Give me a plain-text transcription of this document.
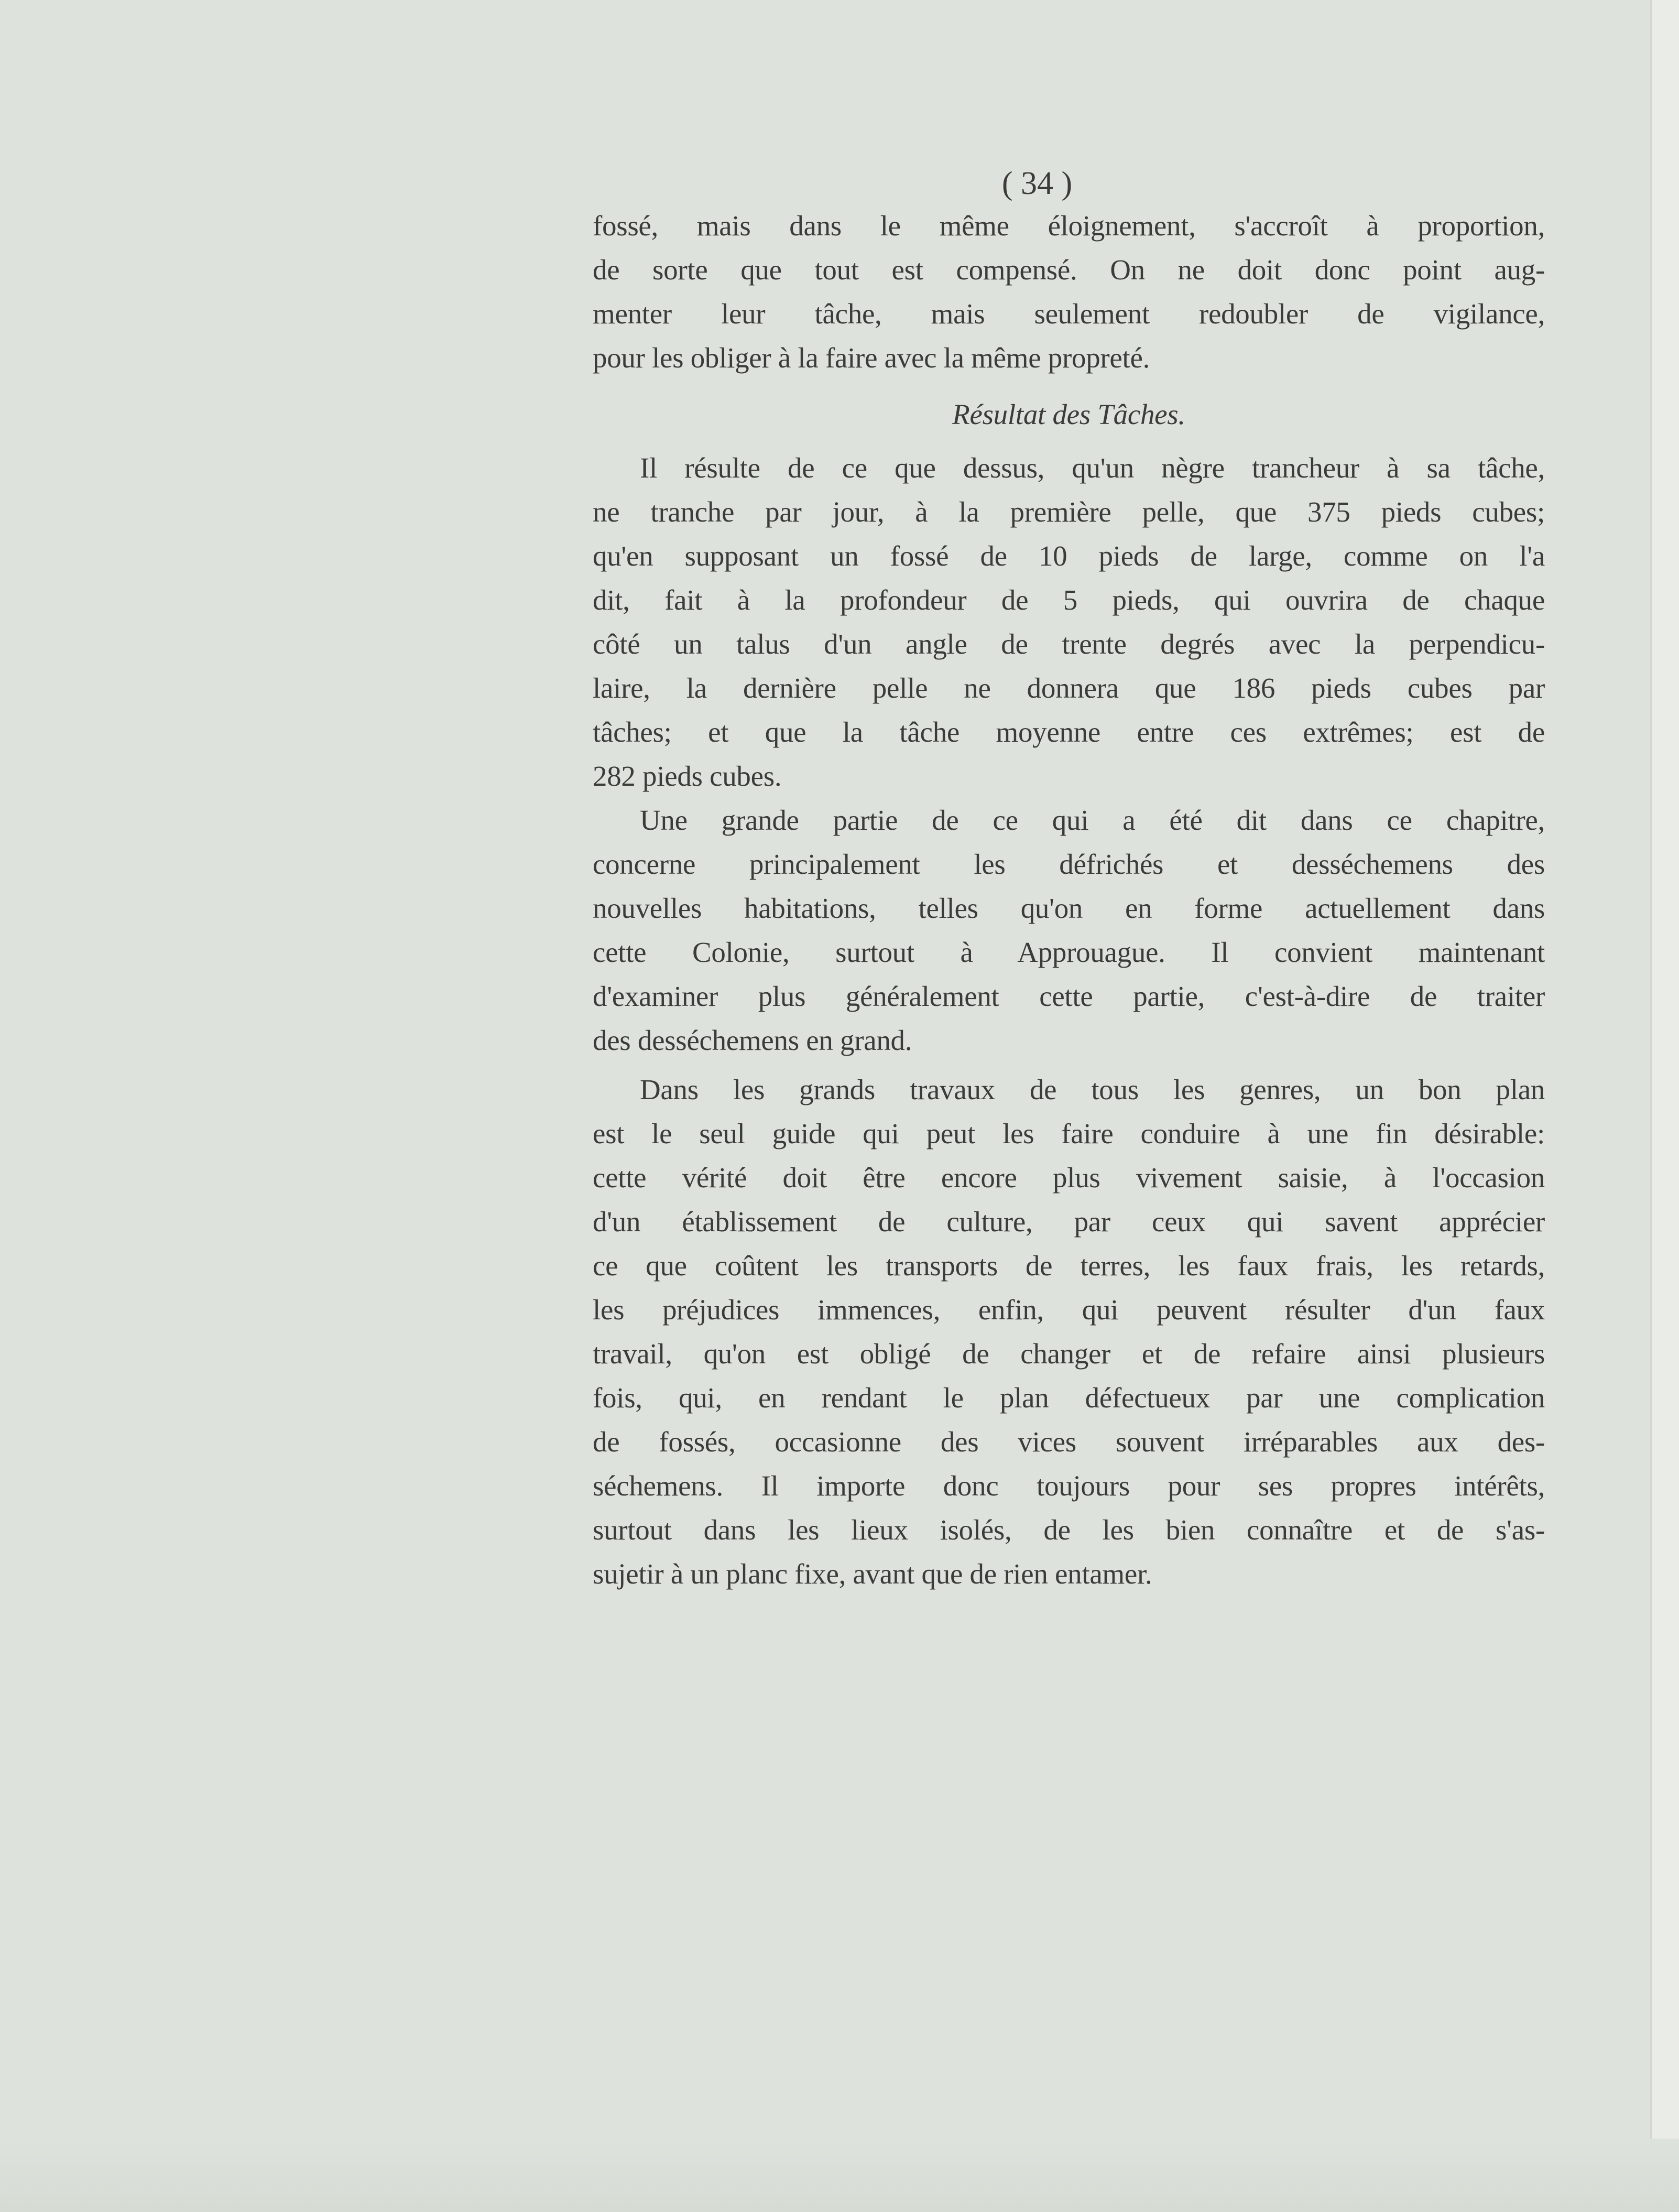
( 34 )
fossé, mais dans le même éloignement, s'accroît à proportion,
de sorte que tout est compensé. On ne doit donc point aug-
menter leur tâche, mais seulement redoubler de vigilance,
pour les obliger à la faire avec la même propreté.
Résultat des Tâches.
Il résulte de ce que dessus, qu'un nègre trancheur à sa tâche,
ne tranche par jour, à la première pelle, que 375 pieds cubes;
qu'en supposant un fossé de 10 pieds de large, comme on l'a
dit, fait à la profondeur de 5 pieds, qui ouvrira de chaque
côté un talus d'un angle de trente degrés avec la perpendicu-
laire, la dernière pelle ne donnera que 186 pieds cubes par
tâches; et que la tâche moyenne entre ces extrêmes; est de
282 pieds cubes.
Une grande partie de ce qui a été dit dans ce chapitre,
concerne principalement les défrichés et desséchemens des
nouvelles habitations, telles qu'on en forme actuellement dans
cette Colonie, surtout à Approuague. Il convient maintenant
d'examiner plus généralement cette partie, c'est-à-dire de traiter
des desséchemens en grand.
Dans les grands travaux de tous les genres, un bon plan
est le seul guide qui peut les faire conduire à une fin désirable:
cette vérité doit être encore plus vivement saisie, à l'occasion
d'un établissement de culture, par ceux qui savent apprécier
ce que coûtent les transports de terres, les faux frais, les retards,
les préjudices immences, enfin, qui peuvent résulter d'un faux
travail, qu'on est obligé de changer et de refaire ainsi plusieurs
fois, qui, en rendant le plan défectueux par une complication
de fossés, occasionne des vices souvent irréparables aux des-
séchemens. Il importe donc toujours pour ses propres intérêts,
surtout dans les lieux isolés, de les bien connaître et de s'as-
sujetir à un planc fixe, avant que de rien entamer.
